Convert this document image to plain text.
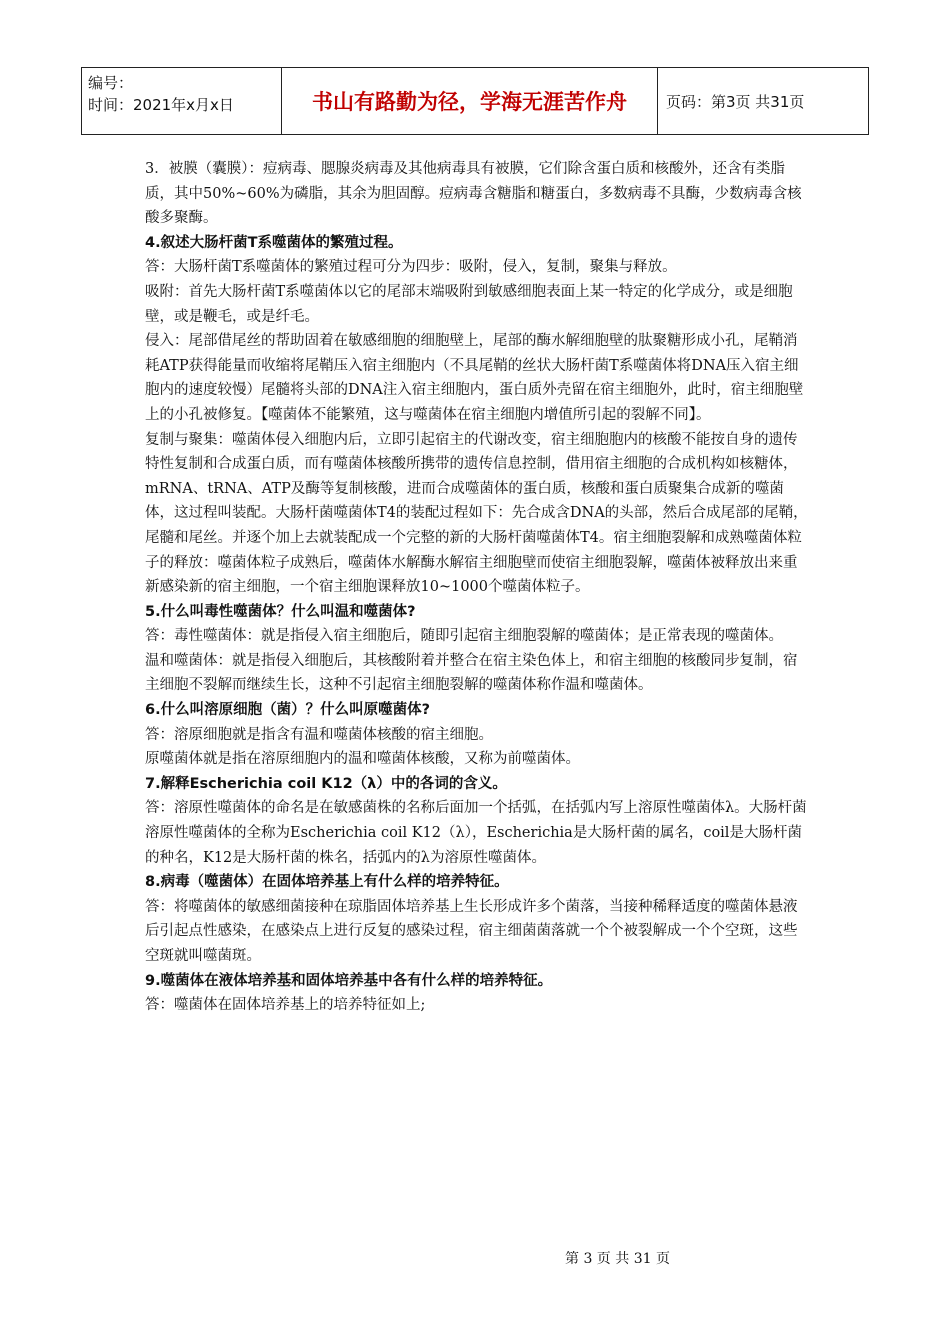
编号：
时间：2021年x月x日	书山有路勤为径，学海无涯苦作舟	页码：第3页 共31页

3．被膜（囊膜）：痘病毒、腮腺炎病毒及其他病毒具有被膜，它们除含蛋白质和核酸外，还含有类脂质，其中50%~60%为磷脂，其余为胆固醇。痘病毒含糖脂和糖蛋白，多数病毒不具酶，少数病毒含核酸多聚酶。

4.叙述大肠杆菌T系噬菌体的繁殖过程。

答：大肠杆菌T系噬菌体的繁殖过程可分为四步：吸附，侵入，复制，聚集与释放。

吸附：首先大肠杆菌T系噬菌体以它的尾部末端吸附到敏感细胞表面上某一特定的化学成分，或是细胞壁，或是鞭毛，或是纤毛。

侵入：尾部借尾丝的帮助固着在敏感细胞的细胞壁上，尾部的酶水解细胞壁的肽聚糖形成小孔，尾鞘消耗ATP获得能量而收缩将尾鞘压入宿主细胞内（不具尾鞘的丝状大肠杆菌T系噬菌体将DNA压入宿主细胞内的速度较慢）尾髓将头部的DNA注入宿主细胞内，蛋白质外壳留在宿主细胞外，此时，宿主细胞壁上的小孔被修复。【噬菌体不能繁殖，这与噬菌体在宿主细胞内增值所引起的裂解不同】。

复制与聚集：噬菌体侵入细胞内后，立即引起宿主的代谢改变，宿主细胞胞内的核酸不能按自身的遗传特性复制和合成蛋白质，而有噬菌体核酸所携带的遗传信息控制，借用宿主细胞的合成机构如核糖体，mRNA、tRNA、ATP及酶等复制核酸，进而合成噬菌体的蛋白质，核酸和蛋白质聚集合成新的噬菌体，这过程叫装配。大肠杆菌噬菌体T4的装配过程如下：先合成含DNA的头部，然后合成尾部的尾鞘，尾髓和尾丝。并逐个加上去就装配成一个完整的新的大肠杆菌噬菌体T4。宿主细胞裂解和成熟噬菌体粒子的释放：噬菌体粒子成熟后，噬菌体水解酶水解宿主细胞壁而使宿主细胞裂解，噬菌体被释放出来重新感染新的宿主细胞，一个宿主细胞课释放10~1000个噬菌体粒子。

5.什么叫毒性噬菌体？什么叫温和噬菌体?

答：毒性噬菌体：就是指侵入宿主细胞后，随即引起宿主细胞裂解的噬菌体；是正常表现的噬菌体。

温和噬菌体：就是指侵入细胞后，其核酸附着并整合在宿主染色体上，和宿主细胞的核酸同步复制，宿主细胞不裂解而继续生长，这种不引起宿主细胞裂解的噬菌体称作温和噬菌体。

6.什么叫溶原细胞（菌）？什么叫原噬菌体?

答：溶原细胞就是指含有温和噬菌体核酸的宿主细胞。

原噬菌体就是指在溶原细胞内的温和噬菌体核酸，又称为前噬菌体。

7.解释Escherichia coil K12（λ）中的各词的含义。

答：溶原性噬菌体的命名是在敏感菌株的名称后面加一个括弧，在括弧内写上溶原性噬菌体λ。大肠杆菌溶原性噬菌体的全称为Escherichia coil K12（λ），Escherichia是大肠杆菌的属名，coil是大肠杆菌的种名，K12是大肠杆菌的株名，括弧内的λ为溶原性噬菌体。

8.病毒（噬菌体）在固体培养基上有什么样的培养特征。

答：将噬菌体的敏感细菌接种在琼脂固体培养基上生长形成许多个菌落，当接种稀释适度的噬菌体悬液后引起点性感染，在感染点上进行反复的感染过程，宿主细菌菌落就一个个被裂解成一个个空斑，这些空斑就叫噬菌斑。

9.噬菌体在液体培养基和固体培养基中各有什么样的培养特征。

答：噬菌体在固体培养基上的培养特征如上;

第 3 页 共 31 页
